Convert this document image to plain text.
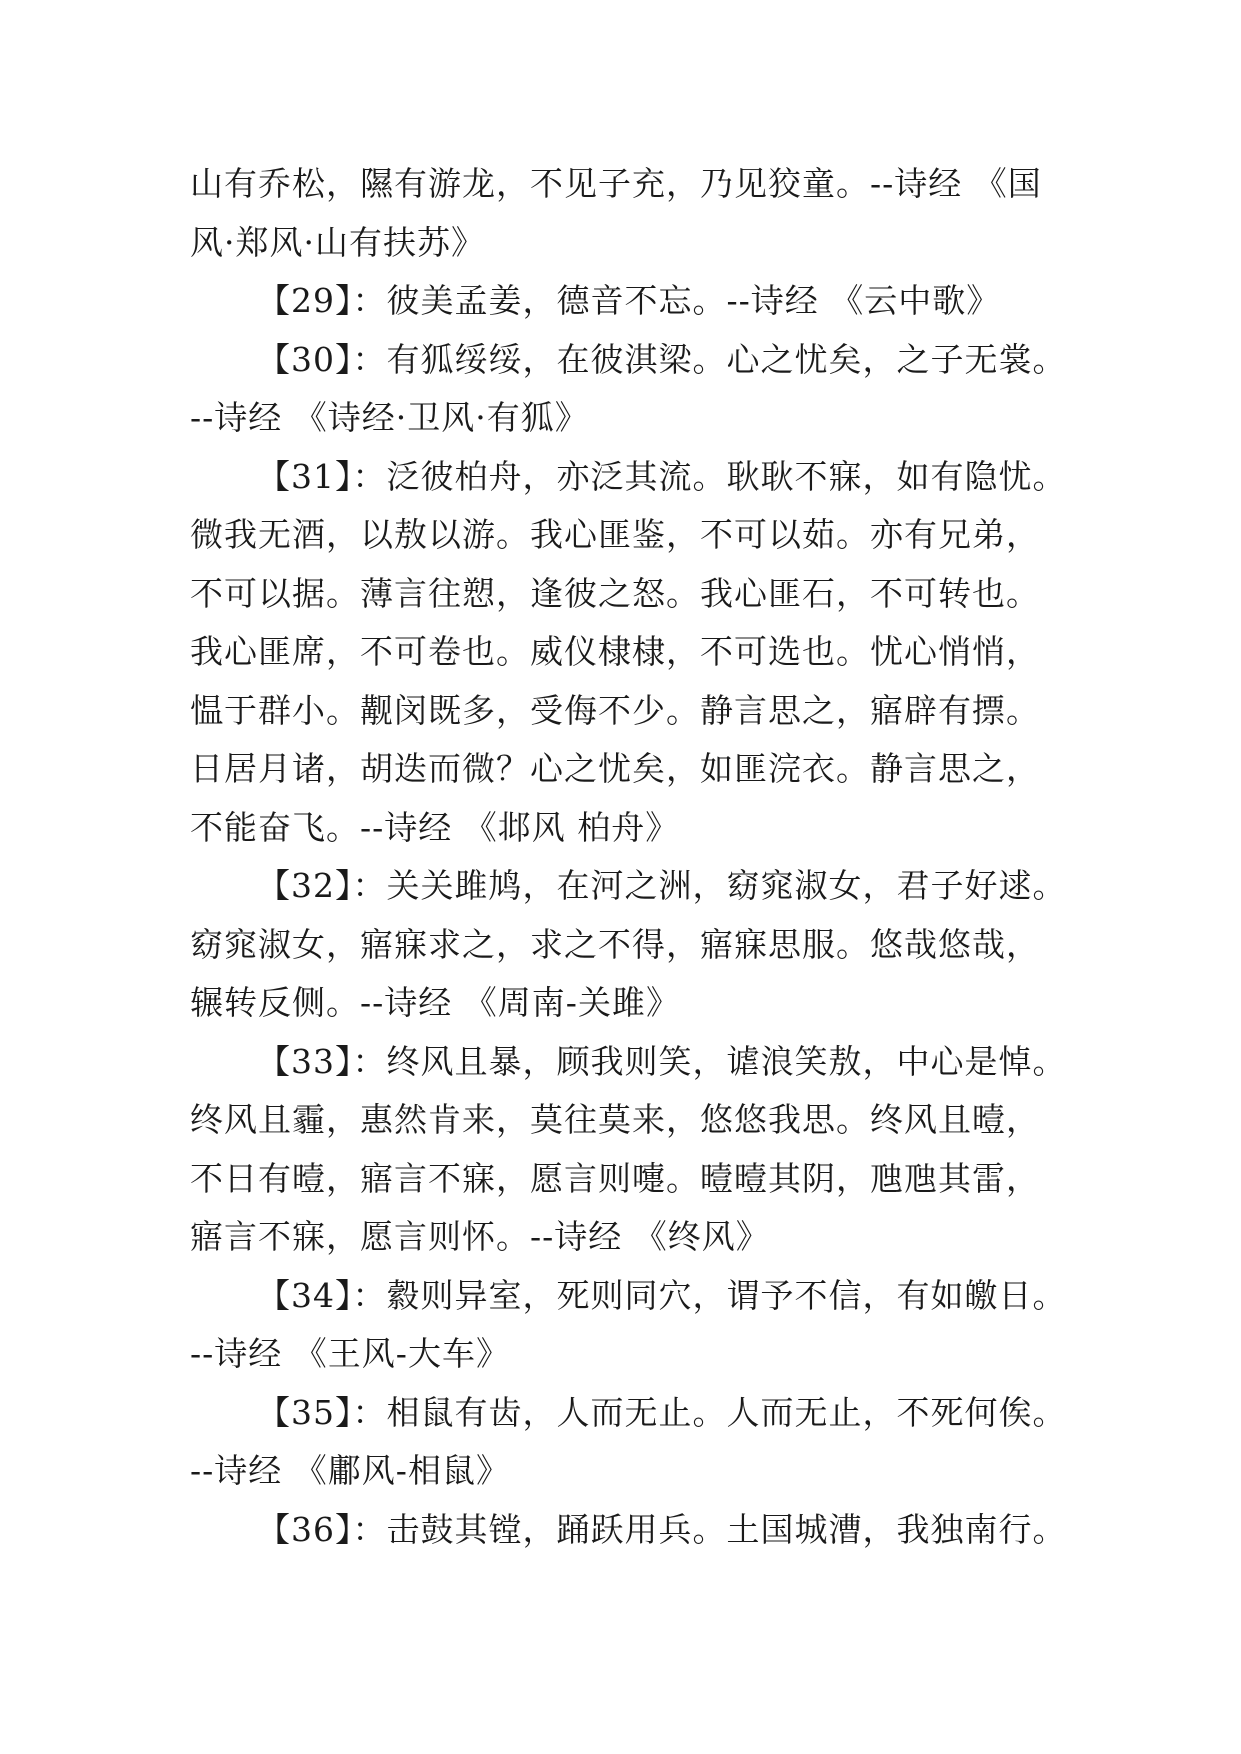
山有乔松，隰有游龙，不见子充，乃见狡童。--诗经 《国风·郑风·山有扶苏》

【29】：彼美孟姜，德音不忘。--诗经 《云中歌》

【30】：有狐绥绥，在彼淇梁。心之忧矣，之子无裳。--诗经 《诗经·卫风·有狐》

【31】：泛彼柏舟，亦泛其流。耿耿不寐，如有隐忧。微我无酒，以敖以游。我心匪鉴，不可以茹。亦有兄弟，不可以据。薄言往愬，逢彼之怒。我心匪石，不可转也。我心匪席，不可卷也。威仪棣棣，不可选也。忧心悄悄，愠于群小。觏闵既多，受侮不少。静言思之，寤辟有摽。日居月诸，胡迭而微？心之忧矣，如匪浣衣。静言思之，不能奋飞。--诗经 《邶风 柏舟》

【32】：关关雎鸠，在河之洲，窈窕淑女，君子好逑。窈窕淑女，寤寐求之，求之不得，寤寐思服。悠哉悠哉，辗转反侧。--诗经 《周南-关雎》

【33】：终风且暴，顾我则笑，谑浪笑敖，中心是悼。终风且霾，惠然肯来，莫往莫来，悠悠我思。终风且曀，不日有曀，寤言不寐，愿言则嚏。曀曀其阴，虺虺其雷，寤言不寐，愿言则怀。--诗经 《终风》

【34】：縠则异室，死则同穴，谓予不信，有如皦日。--诗经 《王风-大车》

【35】：相鼠有齿，人而无止。人而无止，不死何俟。--诗经 《鄘风-相鼠》

【36】：击鼓其镗，踊跃用兵。土国城漕，我独南行。
